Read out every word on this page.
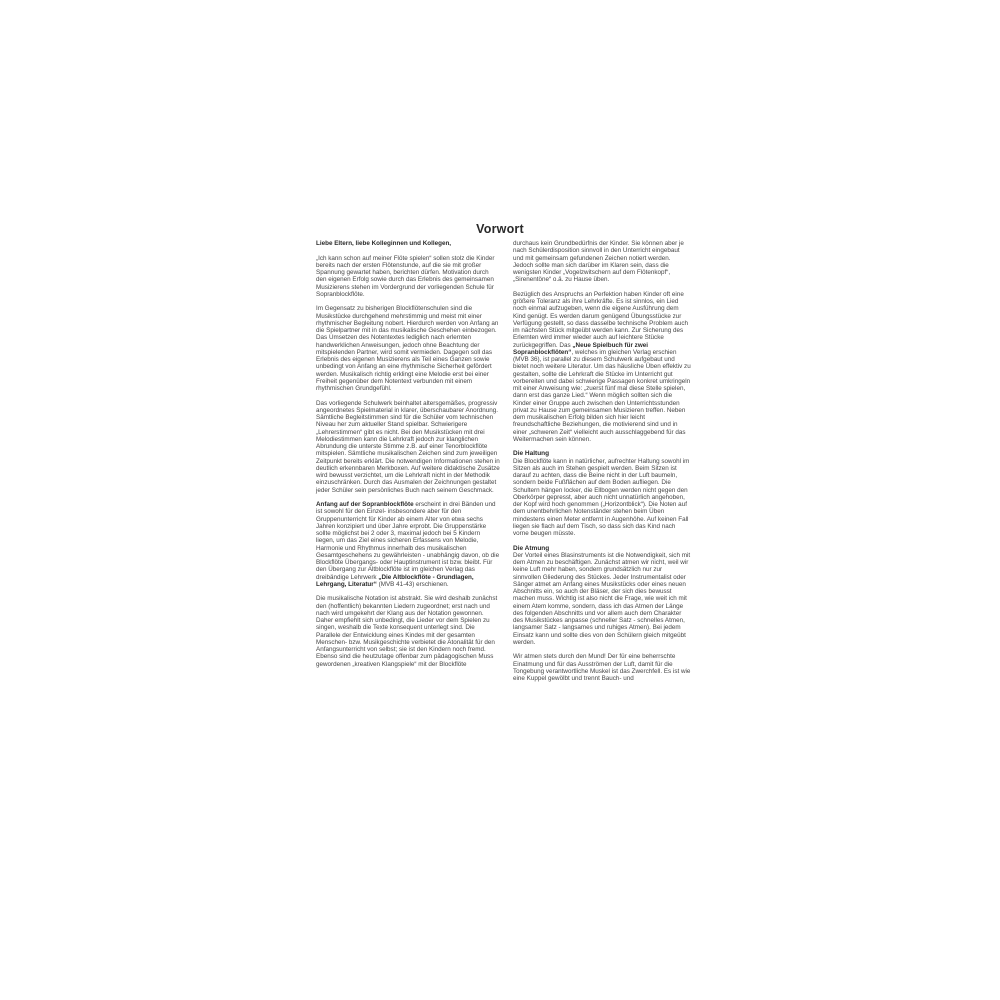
Vorwort

Liebe Eltern, liebe Kolleginnen und Kollegen,

„Ich kann schon auf meiner Flöte spielen“ sollen stolz die Kinder bereits nach der ersten Flötenstunde, auf die sie mit großer Spannung gewartet haben, berichten dürfen. Motivation durch den eigenen Erfolg sowie durch das Erlebnis des gemeinsamen Musizierens stehen im Vordergrund der vorliegenden Schule für Sopranblockflöte.

Im Gegensatz zu bisherigen Blockflötenschulen sind die Musikstücke durchgehend mehrstimmig und meist mit einer rhythmischer Begleitung nobert. Hierdurch werden von Anfang an die Spielpartner mit in das musikalische Geschehen einbezogen. Das Umsetzen des Notentextes lediglich nach erlernten handwerklichen Anweisungen, jedoch ohne Beachtung der mitspielenden Partner, wird somit vermieden. Dagegen soll das Erlebnis des eigenen Musizierens als Teil eines Ganzen sowie unbedingt von Anfang an eine rhythmische Sicherheit gefördert werden. Musikalisch richtig erklingt eine Melodie erst bei einer Freiheit gegenüber dem Notentext verbunden mit einem rhythmischen Grundgefühl.

Das vorliegende Schulwerk beinhaltet altersgemäßes, progressiv angeordnetes Spielmaterial in klarer, überschaubarer Anordnung. Sämtliche Begleitstimmen sind für die Schüler vom technischen Niveau her zum aktueller Stand spielbar. Schwierigere „Lehrerstimmen“ gibt es nicht. Bei den Musikstücken mit drei Melodiestimmen kann die Lehrkraft jedoch zur klanglichen Abrundung die unterste Stimme z.B. auf einer Tenorblockflöte mitspielen. Sämtliche musikalischen Zeichen sind zum jeweiligen Zeitpunkt bereits erklärt. Die notwendigen Informationen stehen in deutlich erkennbaren Merkboxen. Auf weitere didaktische Zusätze wird bewusst verzichtet, um die Lehrkraft nicht in der Methodik einzuschränken. Durch das Ausmalen der Zeichnungen gestaltet jeder Schüler sein persönliches Buch nach seinem Geschmack.

Anfang auf der Sopranblockflöte erscheint in drei Bänden und ist sowohl für den Einzel- insbesondere aber für den Gruppenunterricht für Kinder ab einem Alter von etwa sechs Jahren konzipiert und über Jahre erprobt. Die Gruppenstärke sollte möglichst bei 2 oder 3, maximal jedoch bei 5 Kindern liegen, um das Ziel eines sicheren Erfassens von Melodie, Harmonie und Rhythmus innerhalb des musikalischen Gesamtgeschehens zu gewährleisten - unabhängig davon, ob die Blockflöte Übergangs- oder Hauptinstrument ist bzw. bleibt. Für den Übergang zur Altblockflöte ist im gleichen Verlag das dreibändige Lehrwerk „Die Altblockflöte - Grundlagen, Lehrgang, Literatur“ (MVB 41-43) erschienen.

Die musikalische Notation ist abstrakt. Sie wird deshalb zunächst den (hoffentlich) bekannten Liedern zugeordnet; erst nach und nach wird umgekehrt der Klang aus der Notation gewonnen. Daher empfiehlt sich unbedingt, die Lieder vor dem Spielen zu singen, weshalb die Texte konsequent unterlegt sind. Die Parallele der Entwicklung eines Kindes mit der gesamten Menschen- bzw. Musikgeschichte verbietet die Atonalität für den Anfangsunterricht von selbst; sie ist den Kindern noch fremd. Ebenso sind die heutzutage offenbar zum pädagogischen Muss gewordenen „kreativen Klangspiele“ mit der Blockflöte

durchaus kein Grundbedürfnis der Kinder. Sie können aber je nach Schülerdisposition sinnvoll in den Unterricht eingebaut und mit gemeinsam gefundenen Zeichen notiert werden. Jedoch sollte man sich darüber im Klaren sein, dass die wenigsten Kinder „Vogelzwitschern auf dem Flötenkopf“, „Sirenentöne“ o.ä. zu Hause üben.

Bezüglich des Anspruchs an Perfektion haben Kinder oft eine größere Toleranz als ihre Lehrkräfte. Es ist sinnlos, ein Lied noch einmal aufzugeben, wenn die eigene Ausführung dem Kind genügt. Es werden darum genügend Übungsstücke zur Verfügung gestellt, so dass dasselbe technische Problem auch im nächsten Stück mitgeübt werden kann. Zur Sicherung des Erlernten wird immer wieder auch auf leichtere Stücke zurückgegriffen. Das „Neue Spielbuch für zwei Sopranblockflöten“, welches im gleichen Verlag erschien (MVB 36), ist parallel zu diesem Schulwerk aufgebaut und bietet noch weitere Literatur. Um das häusliche Üben effektiv zu gestalten, sollte die Lehrkraft die Stücke im Unterricht gut vorbereiten und dabei schwierige Passagen konkret umkringeln mit einer Anweisung wie: „zuerst fünf mal diese Stelle spielen, dann erst das ganze Lied.“ Wenn möglich sollten sich die Kinder einer Gruppe auch zwischen den Unterrichtsstunden privat zu Hause zum gemeinsamen Musizieren treffen. Neben dem musikalischen Erfolg bilden sich hier leicht freundschaftliche Beziehungen, die motivierend sind und in einer „schweren Zeit“ vielleicht auch ausschlaggebend für das Weitermachen sein können.

Die Haltung

Die Blockflöte kann in natürlicher, aufrechter Haltung sowohl im Sitzen als auch im Stehen gespielt werden. Beim Sitzen ist darauf zu achten, dass die Beine nicht in der Luft baumeln, sondern beide Fußflächen auf dem Boden aufliegen. Die Schultern hängen locker, die Ellbogen werden nicht gegen den Oberkörper gepresst, aber auch nicht unnatürlich angehoben, der Kopf wird hoch genommen („Horizontblick“). Die Noten auf dem unentbehrlichen Notenständer stehen beim Üben mindestens einen Meter entfernt in Augenhöhe. Auf keinen Fall liegen sie flach auf dem Tisch, so dass sich das Kind nach vorne beugen müsste.

Die Atmung

Der Vorteil eines Blasinstruments ist die Notwendigkeit, sich mit dem Atmen zu beschäftigen. Zunächst atmen wir nicht, weil wir keine Luft mehr haben, sondern grundsätzlich nur zur sinnvollen Gliederung des Stückes. Jeder Instrumentalist oder Sänger atmet am Anfang eines Musikstücks oder eines neuen Abschnitts ein, so auch der Bläser, der sich dies bewusst machen muss. Wichtig ist also nicht die Frage, wie weit ich mit einem Atem komme, sondern, dass ich das Atmen der Länge des folgenden Abschnitts und vor allem auch dem Charakter des Musikstückes anpasse (schneller Satz - schnelles Atmen, langsamer Satz - langsames und ruhiges Atmen). Bei jedem Einsatz kann und sollte dies von den Schülern gleich mitgeübt werden.

Wir atmen stets durch den Mund! Der für eine beherrschte Einatmung und für das Ausströmen der Luft, damit für die Tongebung verantwortliche Muskel ist das Zwerchfell. Es ist wie eine Kuppel gewölbt und trennt Bauch- und
